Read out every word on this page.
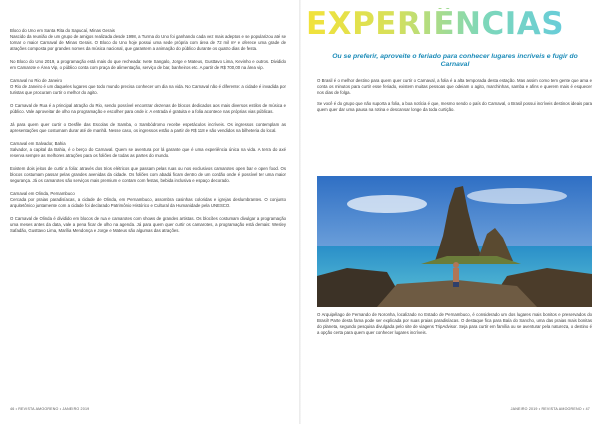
Bloco do Uno em Santa Rita do Sapucaí, Minas Gerais

Nascido da reunião de um grupo de amigos realizada desde 1998, a Turma do Uno foi ganhando cada vez mais adeptos e se popularizou até se tornar o maior Carnaval de Minas Gerais. O Bloco do Uno hoje possui uma sede própria com área de 72 mil m² e oferece uma grade de atrações composta por grandes nomes da música nacional, que garantem a animação do público durante os quatro dias de festa.

No Bloco do Uno 2019, a programação está mais do que recheada: Ivete Sangalo, Jorge e Mateus, Gusttavo Lima, Kevinho e outros. Dividido em Camarote e Área Vip, o público conta com praça de alimentação, serviço de bar, banheiros etc. A partir de R$ 700,00 na área vip.

Carnaval no Rio de Janeiro

O Rio de Janeiro é um daqueles lugares que todo mundo precisa conhecer um dia na vida. No Carnaval não é diferente: a cidade é invadida por turistas que procuram curtir o melhor do agito.

O Carnaval de Rua é a principal atração do Rio, sendo possível encontrar dezenas de blocos dedicados aos mais diversos estilos de música e público. Vale aproveitar de olho na programação e escolher para onde ir. A entrada é gratuita e a folia acontece nas próprias vias públicas.

Já para quem quer curtir o Desfile das Escolas de Samba, o Sambódromo recebe espetáculos incríveis. Os ingressos contemplam as apresentações que costumam durar até de manhã. Nesse caso, os ingressos estão a partir de R$ 118 e são vendidos na bilheteria do local.

Carnaval em Salvador, Bahia

Salvador, a capital da Bahia, é o berço do Carnaval. Quem se aventura por lá garante que é uma experiência única na vida. A terra do axé reserva sempre as melhores atrações para os foliões de todas as partes do mundo.

Existem dois jeitos de curtir a folia: através dos trios elétricos que passam pelas ruas ou nos exclusivos camarotes open bar e open food. Os blocos costumam passar pelas grandes avenidas da cidade. Os foliões com abadá ficam dentro de um cordão onde é possível ter uma maior segurança. Já os camarotes são serviços mais premium e contam com festas, bebida inclusiva e espaço decorado.

Carnaval em Olinda, Pernambuco

Cercada por praias paradisíacas, a cidade de Olinda, em Pernambuco, assombra casinhas coloridas e igrejas deslumbrantes. O conjunto arquitetônico juntamente com a cidade foi declarado Patrimônio Histórico e Cultural da Humanidade pela UNESCO.

O Carnaval de Olinda é dividido em blocos de rua e camarotes com shows de grandes artistas. Os blocões costumam divulgar a programação uma meses antes da data, vale a pena ficar de olho na agenda. Já para quem quer curtir os camarotes, a programação está demais: Wesley Safadão, Gusttavo Lima, Marília Mendonça e Jorge e Mateus são algumas das atrações.

46 • REVISTA AMOORENO • JANEIRO 2019	JANEIRO 2019 • REVISTA AMOORENO • 47
EXPERIÊNCIAS
Ou se preferir, aproveite o feriado para conhecer lugares incríveis e fugir do Carnaval

O Brasil é o melhor destino para quem quer curtir o Carnaval, a folia é a alta temporada desta estação. Mas assim como tem gente que ama e conta os minutos para curtir esse feriado, existem muitas pessoas que odeiam o agito, marchinhas, samba e afins e querem mais é esquecer nos dias de folga.

Se você é do grupo que não suporta a folia, a boa notícia é que, mesmo sendo o país do Carnaval, o Brasil possui incríveis destinos ideais para quem quer dar uma pausa na rotina e descansar longe da toda curtição.

O Arquipélago de Fernando de Noronha, localizado no Estado de Pernambuco, é considerado um dos lugares mais bonitos e preservados do Brasil! Parte desta fama pode ser explicada por suas praias paradisíacas. O destaque fica para Baía do Sancho, uma das praias mais bonitas do planeta, segundo pesquisa divulgada pelo site de viagens TripAdvisor. Seja para curtir em família ou se aventurar pela natureza, o destino é a opção certa para quem quer conhecer lugares incríveis.
